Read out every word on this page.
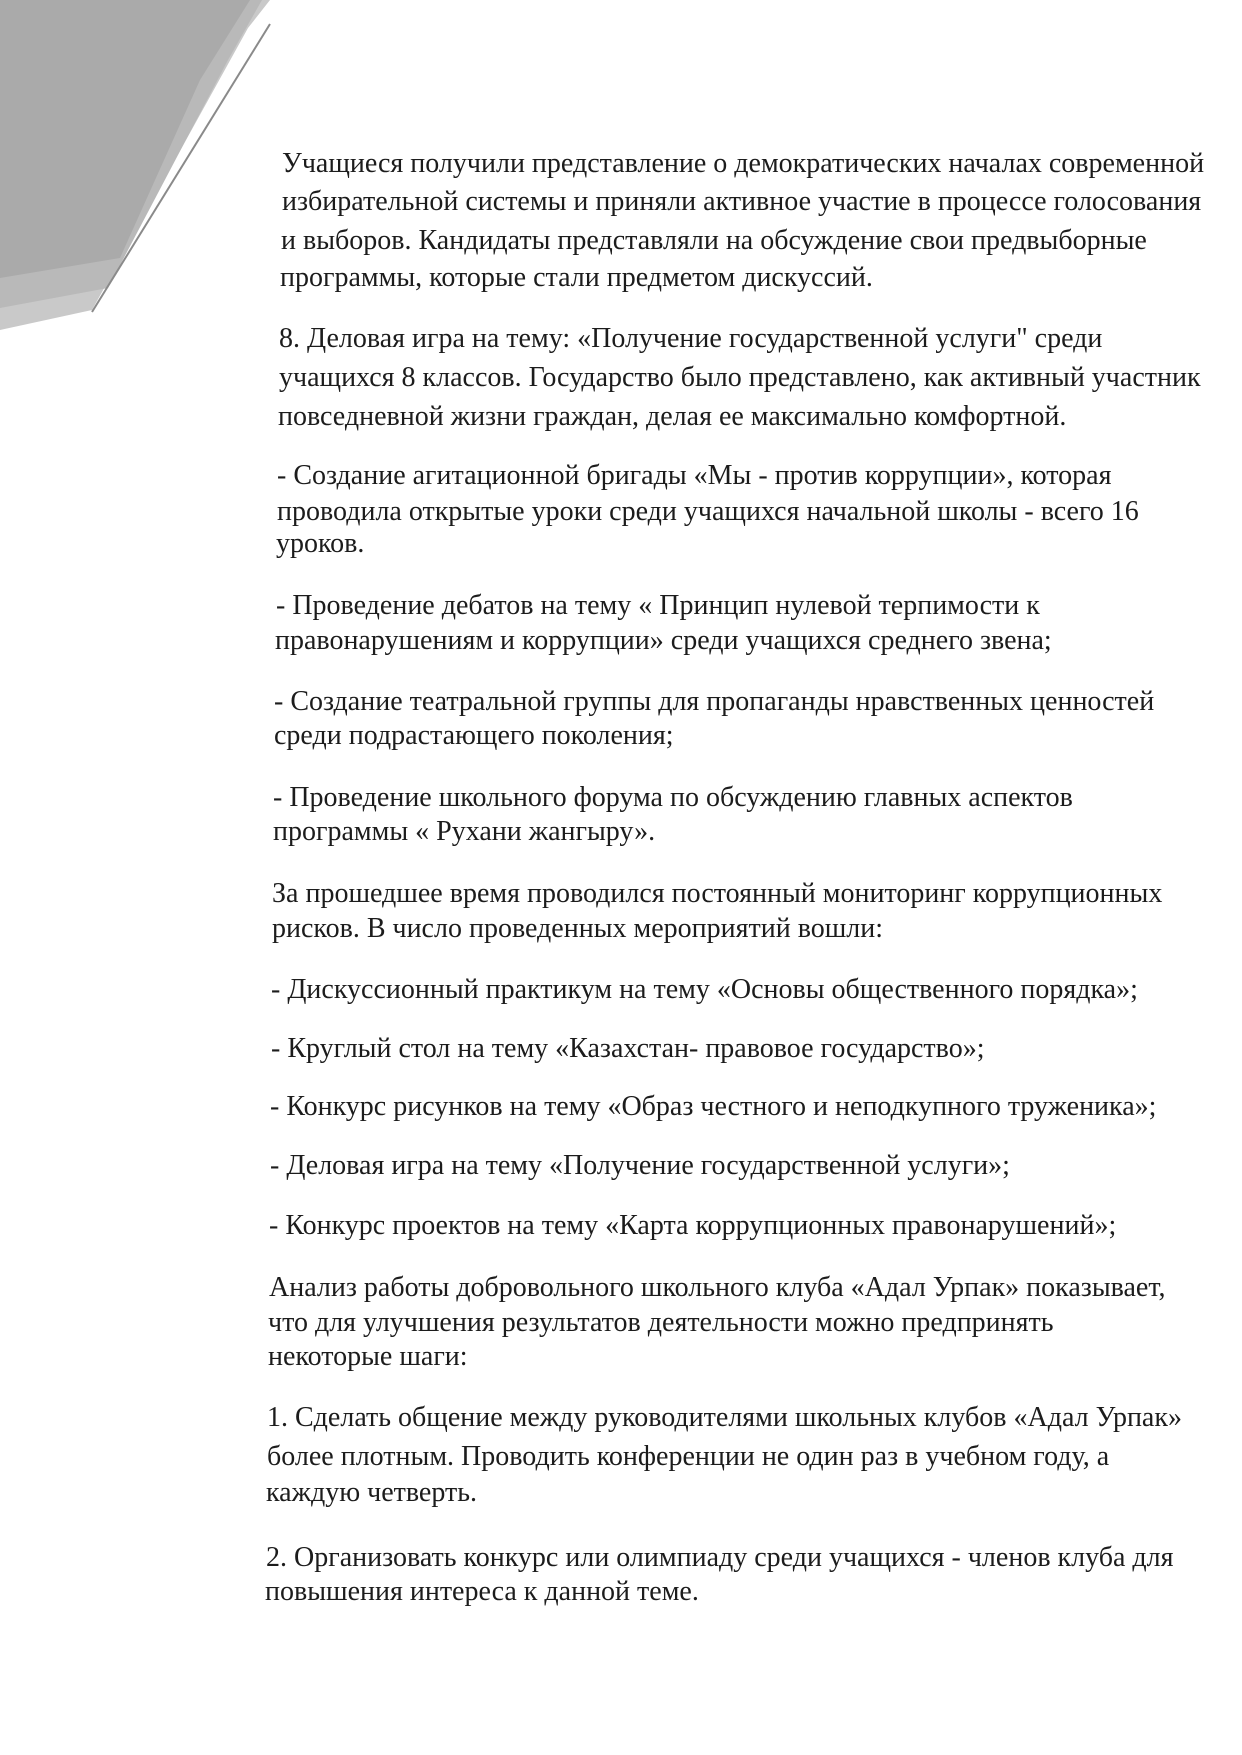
Учащиеся получили представление о демократических началах современной
избирательной системы и приняли активное участие в процессе голосования
и выборов. Кандидаты представляли на обсуждение свои предвыборные
программы, которые стали предметом дискуссий.
8. Деловая игра на тему: «Получение государственной услуги" среди
учащихся 8 классов. Государство было представлено, как активный участник
повседневной жизни граждан, делая ее максимально комфортной.
- Создание агитационной бригады «Мы - против коррупции», которая
проводила открытые уроки среди учащихся начальной школы - всего 16
уроков.
- Проведение дебатов на тему « Принцип нулевой терпимости к
правонарушениям и коррупции» среди учащихся среднего звена;
- Создание театральной группы для пропаганды нравственных ценностей
среди подрастающего поколения;
- Проведение школьного форума по обсуждению главных аспектов
программы « Рухани жангыру».
За прошедшее время проводился постоянный мониторинг коррупционных
рисков. В число проведенных мероприятий вошли:
- Дискуссионный практикум на тему «Основы общественного порядка»;
- Круглый стол на тему «Казахстан- правовое государство»;
- Конкурс рисунков на тему «Образ честного и неподкупного труженика»;
- Деловая игра на тему «Получение государственной услуги»;
- Конкурс проектов на тему «Карта коррупционных правонарушений»;
Анализ работы добровольного школьного клуба «Адал Урпак» показывает,
что для улучшения результатов деятельности можно предпринять
некоторые шаги:
1. Сделать общение между руководителями школьных клубов «Адал Урпак»
более плотным. Проводить конференции не один раз в учебном году, а
каждую четверть.
2. Организовать конкурс или олимпиаду среди учащихся - членов клуба для
повышения интереса к данной теме.
